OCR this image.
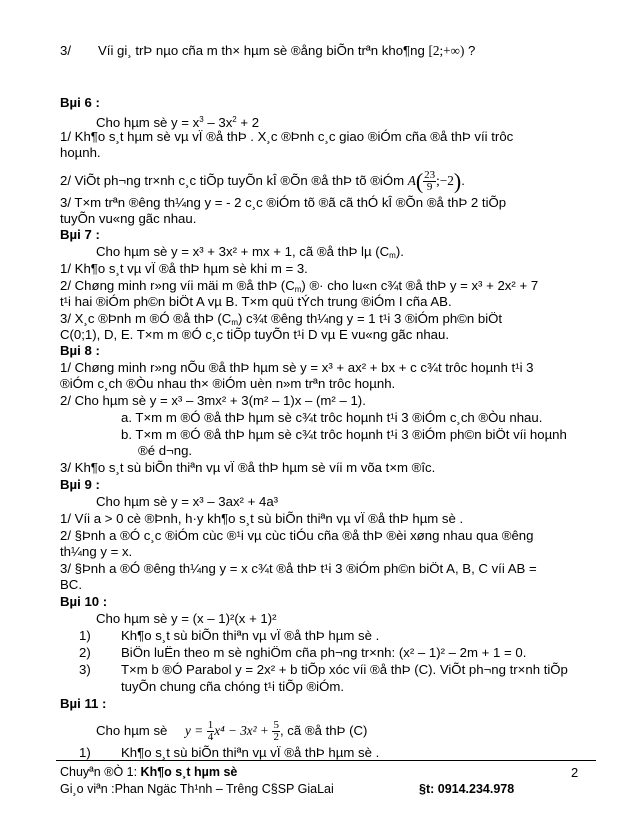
3/ Víi gi¸ trÞ nµo cña m th× hµm sè ®ång biÕn trªn kho¶ng [2;+∞) ?
Bµi 6 :
Cho hµm sè $y = x^3 - 3x^2 + 2$
1/ Kh¶o s¸t hµm sè vµ vÏ ®å thÞ . X¸c ®Þnh c¸c giao ®iÓm cña ®å thÞ víi trôc
hoµnh.
2/ ViÕt ph¬ng tr×nh c¸c tiÕp tuyÕn kÎ ®Õn ®å thÞ tõ ®iÓm $A( \frac{23}{9}$ ;−2).
3/ T×m trªn ®êng th¼ng y = - 2 c¸c ®iÓm tõ ®ã cã thÓ kÎ ®Õn ®å thÞ 2 tiÕp
tuyÕn vu«ng gãc nhau.
Bµi 7 :
Cho hµm sè y = x³ + 3x² + mx + 1, cã ®å thÞ lµ (Cm).
1/ Kh¶o s¸t vµ vÏ ®å thÞ hµm sè khi m = 3.
2/ Chøng minh r»ng víi mäi m ®å thÞ (Cm) ®· cho lu«n c¾t ®å thÞ y = x³ + 2x² + 7
t¹i hai ®iÓm ph©n biÖt A vµ B. T×m quü tÝch trung ®iÓm I cña AB.
3/ X¸c ®Þnh m ®Ó ®å thÞ (Cm) c¾t ®êng th¼ng y = 1 t¹i 3 ®iÓm ph©n biÖt
C(0;1), D, E. T×m m ®Ó c¸c tiÕp tuyÕn t¹i D vµ E vu«ng gãc nhau.
Bµi 8 :
1/ Chøng minh r»ng nÕu ®å thÞ hµm sè y = x³ + ax² + bx + c c¾t trôc hoµnh t¹i 3
®iÓm c¸ch ®Òu nhau th× ®iÓm uèn n»m trªn trôc hoµnh.
2/ Cho hµm sè y = x³ – 3mx² + 3(m² – 1)x – (m² – 1).
a. T×m m ®Ó ®å thÞ hµm sè c¾t trôc hoµnh t¹i 3 ®iÓm c¸ch ®Òu nhau.
b. T×m m ®Ó ®å thÞ hµm sè c¾t trôc hoµnh t¹i 3 ®iÓm ph©n biÖt víi hoµnh
®é d¬ng.
3/ Kh¶o s¸t sù biÕn thiªn vµ vÏ ®å thÞ hµm sè víi m võa t×m ®îc.
Bµi 9 :
Cho hµm sè y = x³ – 3ax² + 4a³
1/ Víi a > 0 cè ®Þnh, h·y kh¶o s¸t sù biÕn thiªn vµ vÏ ®å thÞ hµm sè .
2/ §Þnh a ®Ó c¸c ®iÓm cùc ®¹i vµ cùc tiÓu cña ®å thÞ ®èi xøng nhau qua ®êng
th¼ng y = x.
3/ §Þnh a ®Ó ®êng th¼ng y = x c¾t ®å thÞ t¹i 3 ®iÓm ph©n biÖt A, B, C víi AB =
BC.
Bµi 10 :
Cho hµm sè y = (x – 1)²(x + 1)²
1) Kh¶o s¸t sù biÕn thiªn vµ vÏ ®å thÞ hµm sè .
2) BiÖn luËn theo m sè nghiÖm cña ph¬ng tr×nh: (x² – 1)² – 2m + 1 = 0.
3) T×m b ®Ó Parabol y = 2x² + b tiÕp xóc víi ®å thÞ (C). ViÕt ph¬ng tr×nh tiÕp
tuyÕn chung cña chóng t¹i tiÕp ®iÓm.
Bµi 11 :
Cho hµm sè $y = \frac{1}{4} x^4 - 3x^2 + \frac{5}{2}$ , cã ®å thÞ (C)
1) Kh¶o s¸t sù biÕn thiªn vµ vÏ ®å thÞ hµm sè .
Chuyªn ®Ò 1: Kh¶o s¸t hµm sè	2
Gi¸o viªn :Phan Ngäc Th¹nh – Trêng C§SP GiaLai	§t: 0914.234.978
